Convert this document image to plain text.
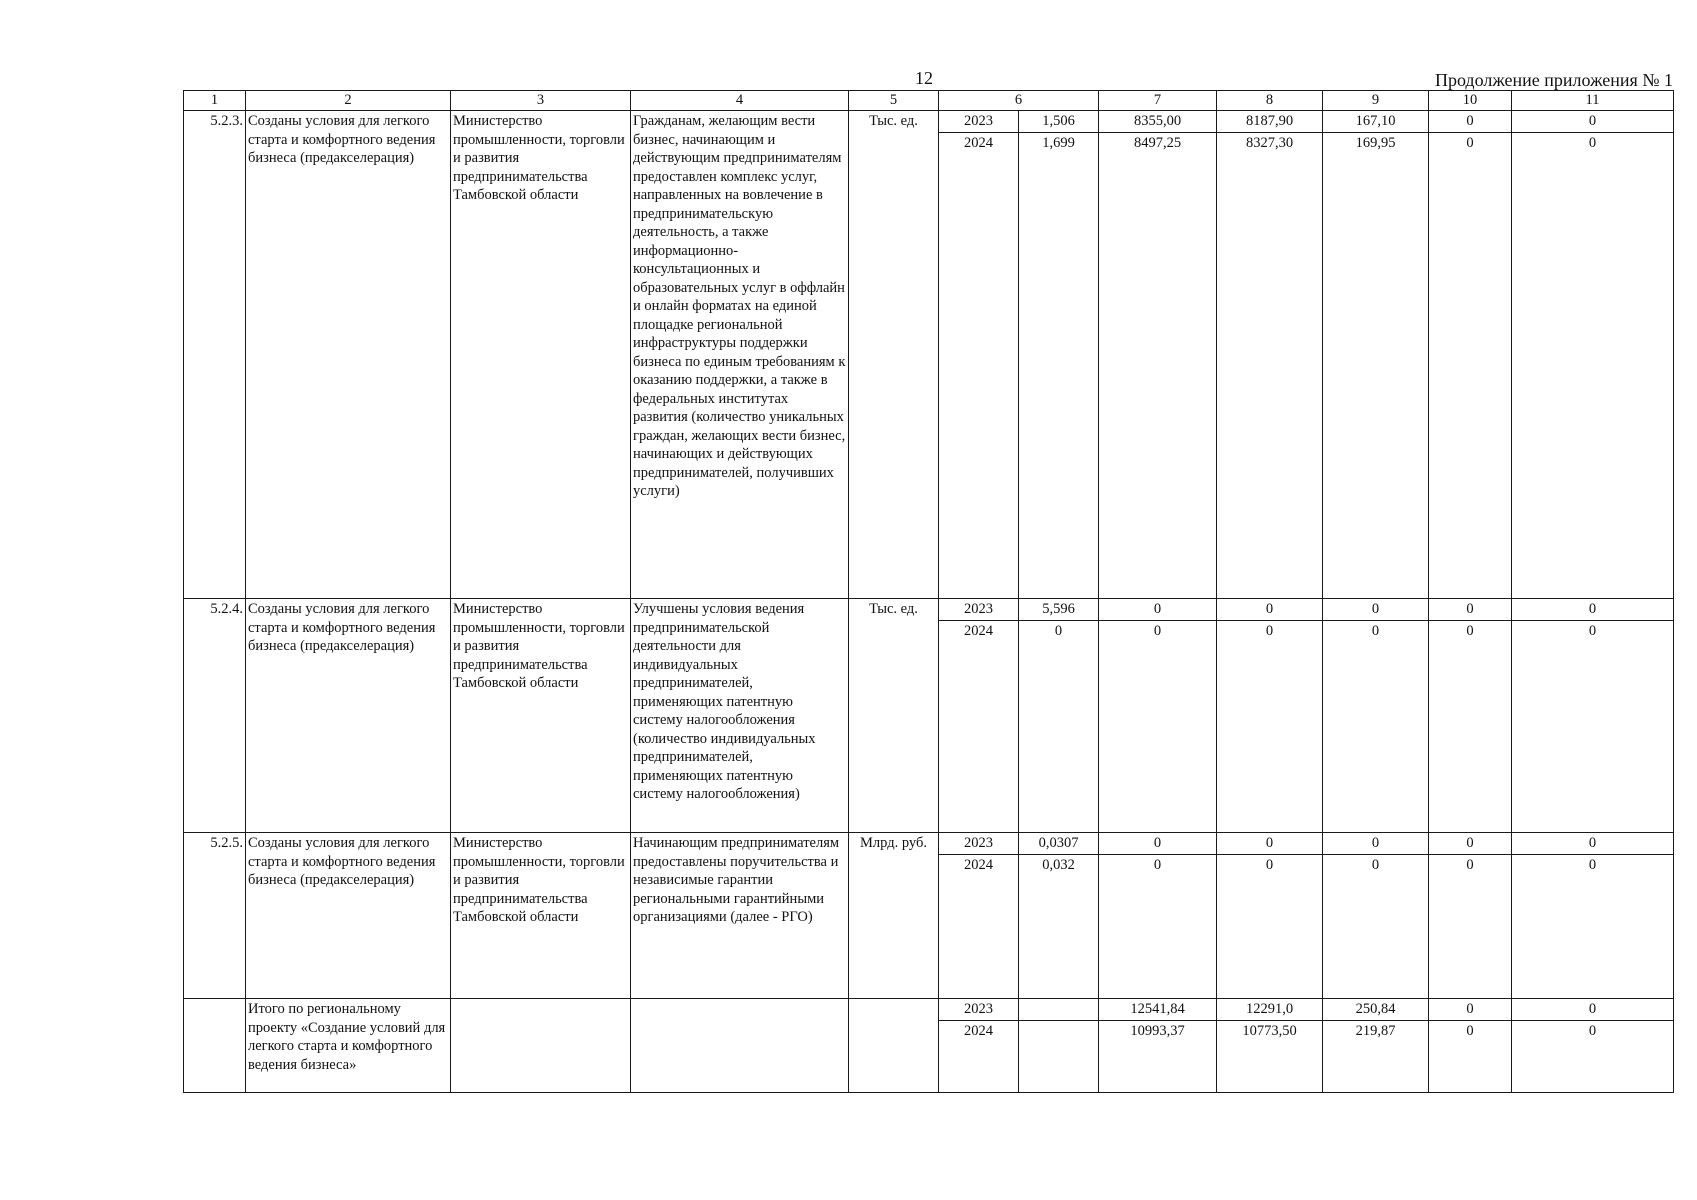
12	Продолжение приложения № 1
1	2	3	4	5	6		7	8	9	10	11
5.2.3.	Созданы условия для легкого старта и комфортного ведения бизнеса (предакселерация)	Министерство промышленности, торговли и развития предпринимательства Тамбовской области	Гражданам, желающим вести бизнес, начинающим и действующим предпринимателям предоставлен комплекс услуг, направленных на вовлечение в предпринимательскую деятельность, а также информационно-консультационных и образовательных услуг в оффлайн и онлайн форматах на единой площадке региональной инфраструктуры поддержки бизнеса по единым требованиям к оказанию поддержки, а также в федеральных институтах развития (количество уникальных граждан, желающих вести бизнес, начинающих и действующих предпринимателей, получивших услуги)	Тыс. ед.	2023	1,506	8355,00	8187,90	167,10	0	0
					2024	1,699	8497,25	8327,30	169,95	0	0
5.2.4.	Созданы условия для легкого старта и комфортного ведения бизнеса (предакселерация)	Министерство промышленности, торговли и развития предпринимательства Тамбовской области	Улучшены условия ведения предпринимательской деятельности для индивидуальных предпринимателей, применяющих патентную систему налогообложения (количество индивидуальных предпринимателей, применяющих патентную систему налогообложения)	Тыс. ед.	2023	5,596	0	0	0	0	0
					2024	0	0	0	0	0	0
5.2.5.	Созданы условия для легкого старта и комфортного ведения бизнеса (предакселерация)	Министерство промышленности, торговли и развития предпринимательства Тамбовской области	Начинающим предпринимателям предоставлены поручительства и независимые гарантии региональными гарантийными организациями (далее - РГО)	Млрд. руб.	2023	0,0307	0	0	0	0	0
					2024	0,032	0	0	0	0	0
	Итого по региональному проекту «Создание условий для легкого старта и комфортного ведения бизнеса»				2023		12541,84	12291,0	250,84	0	0
					2024		10993,37	10773,50	219,87	0	0
